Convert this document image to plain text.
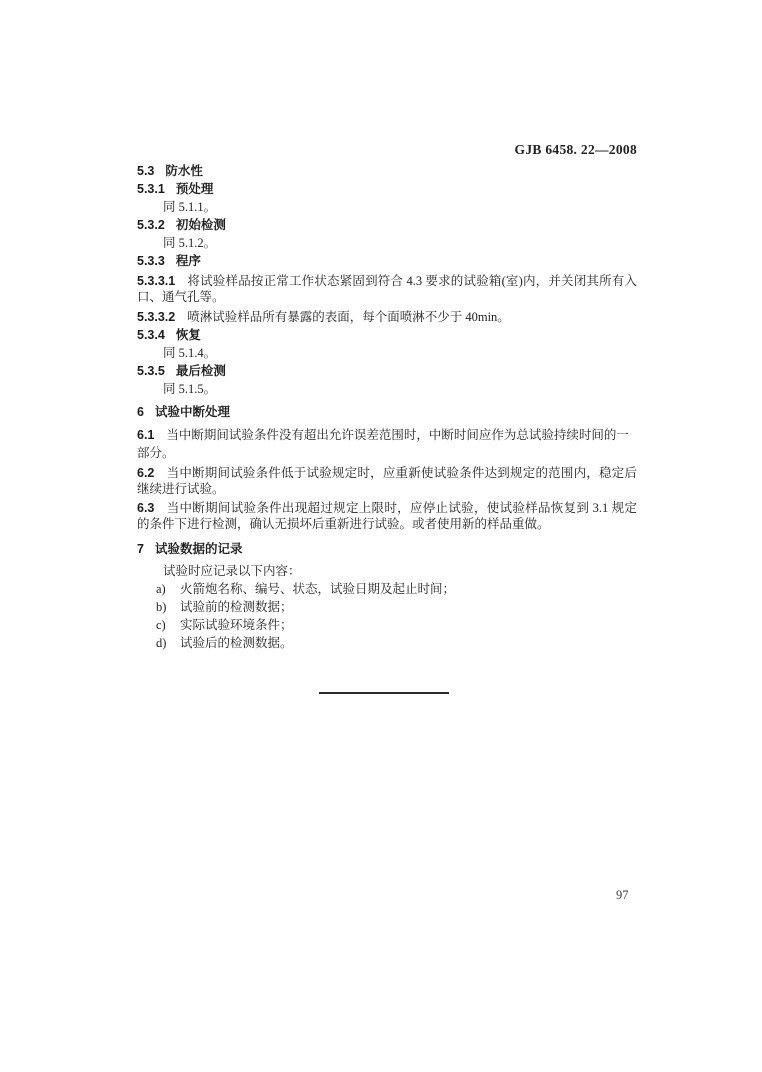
GJB 6458. 22—2008
5.3 防水性
5.3.1 预处理
同 5.1.1。
5.3.2 初始检测
同 5.1.2。
5.3.3 程序
5.3.3.1 将试验样品按正常工作状态紧固到符合 4.3 要求的试验箱(室)内，并关闭其所有入口、通气孔等。
5.3.3.2 喷淋试验样品所有暴露的表面，每个面喷淋不少于 40min。
5.3.4 恢复
同 5.1.4。
5.3.5 最后检测
同 5.1.5。
6 试验中断处理
6.1 当中断期间试验条件没有超出允许误差范围时，中断时间应作为总试验持续时间的一部分。
6.2 当中断期间试验条件低于试验规定时，应重新使试验条件达到规定的范围内，稳定后继续进行试验。
6.3 当中断期间试验条件出现超过规定上限时，应停止试验，使试验样品恢复到 3.1 规定的条件下进行检测，确认无损坏后重新进行试验。或者使用新的样品重做。
7 试验数据的记录
试验时应记录以下内容：
a) 火箭炮名称、编号、状态，试验日期及起止时间；
b) 试验前的检测数据；
c) 实际试验环境条件；
d) 试验后的检测数据。
97
